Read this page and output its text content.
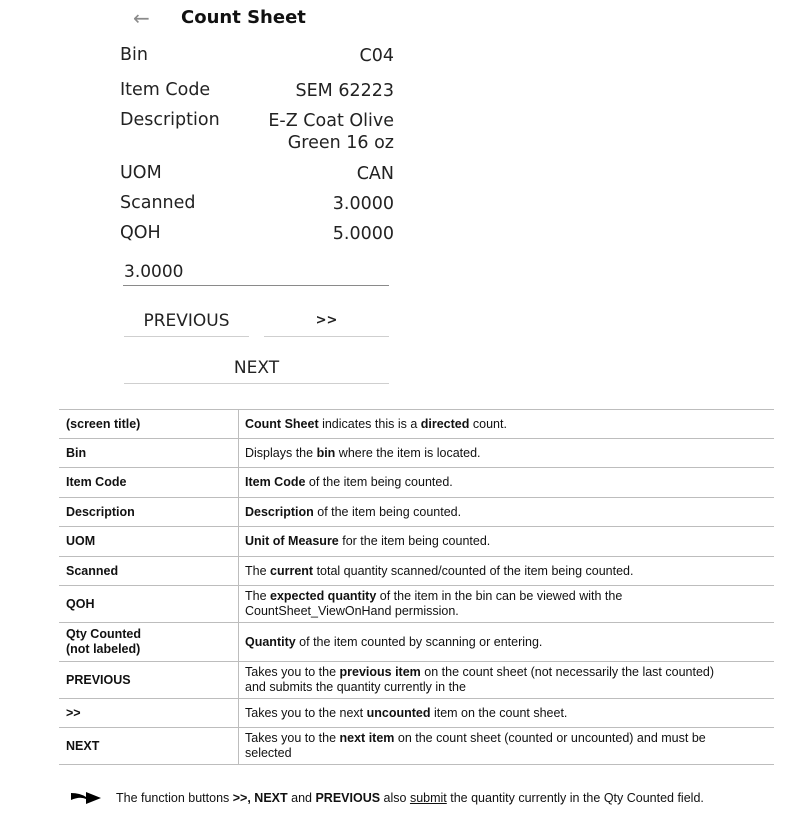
← Count Sheet
Bin	C04
Item Code	SEM 62223
Description	E-Z Coat Olive
Green 16 oz
UOM	CAN
Scanned	3.0000
QOH	5.0000
3.0000
PREVIOUS	>>
NEXT
(screen title)	Count Sheet indicates this is a directed count.
Bin	Displays the bin where the item is located.
Item Code	Item Code of the item being counted.
Description	Description of the item being counted.
UOM	Unit of Measure for the item being counted.
Scanned	The current total quantity scanned/counted of the item being counted.
QOH	The expected quantity of the item in the bin can be viewed with the
CountSheet_ViewOnHand permission.
Qty Counted
(not labeled)	Quantity of the item counted by scanning or entering.
PREVIOUS	Takes you to the previous item on the count sheet (not necessarily the last counted)
and submits the quantity currently in the
>>	Takes you to the next uncounted item on the count sheet.
NEXT	Takes you to the next item on the count sheet (counted or uncounted) and must be
selected
The function buttons >>, NEXT and PREVIOUS also submit the quantity currently in the Qty Counted field.
